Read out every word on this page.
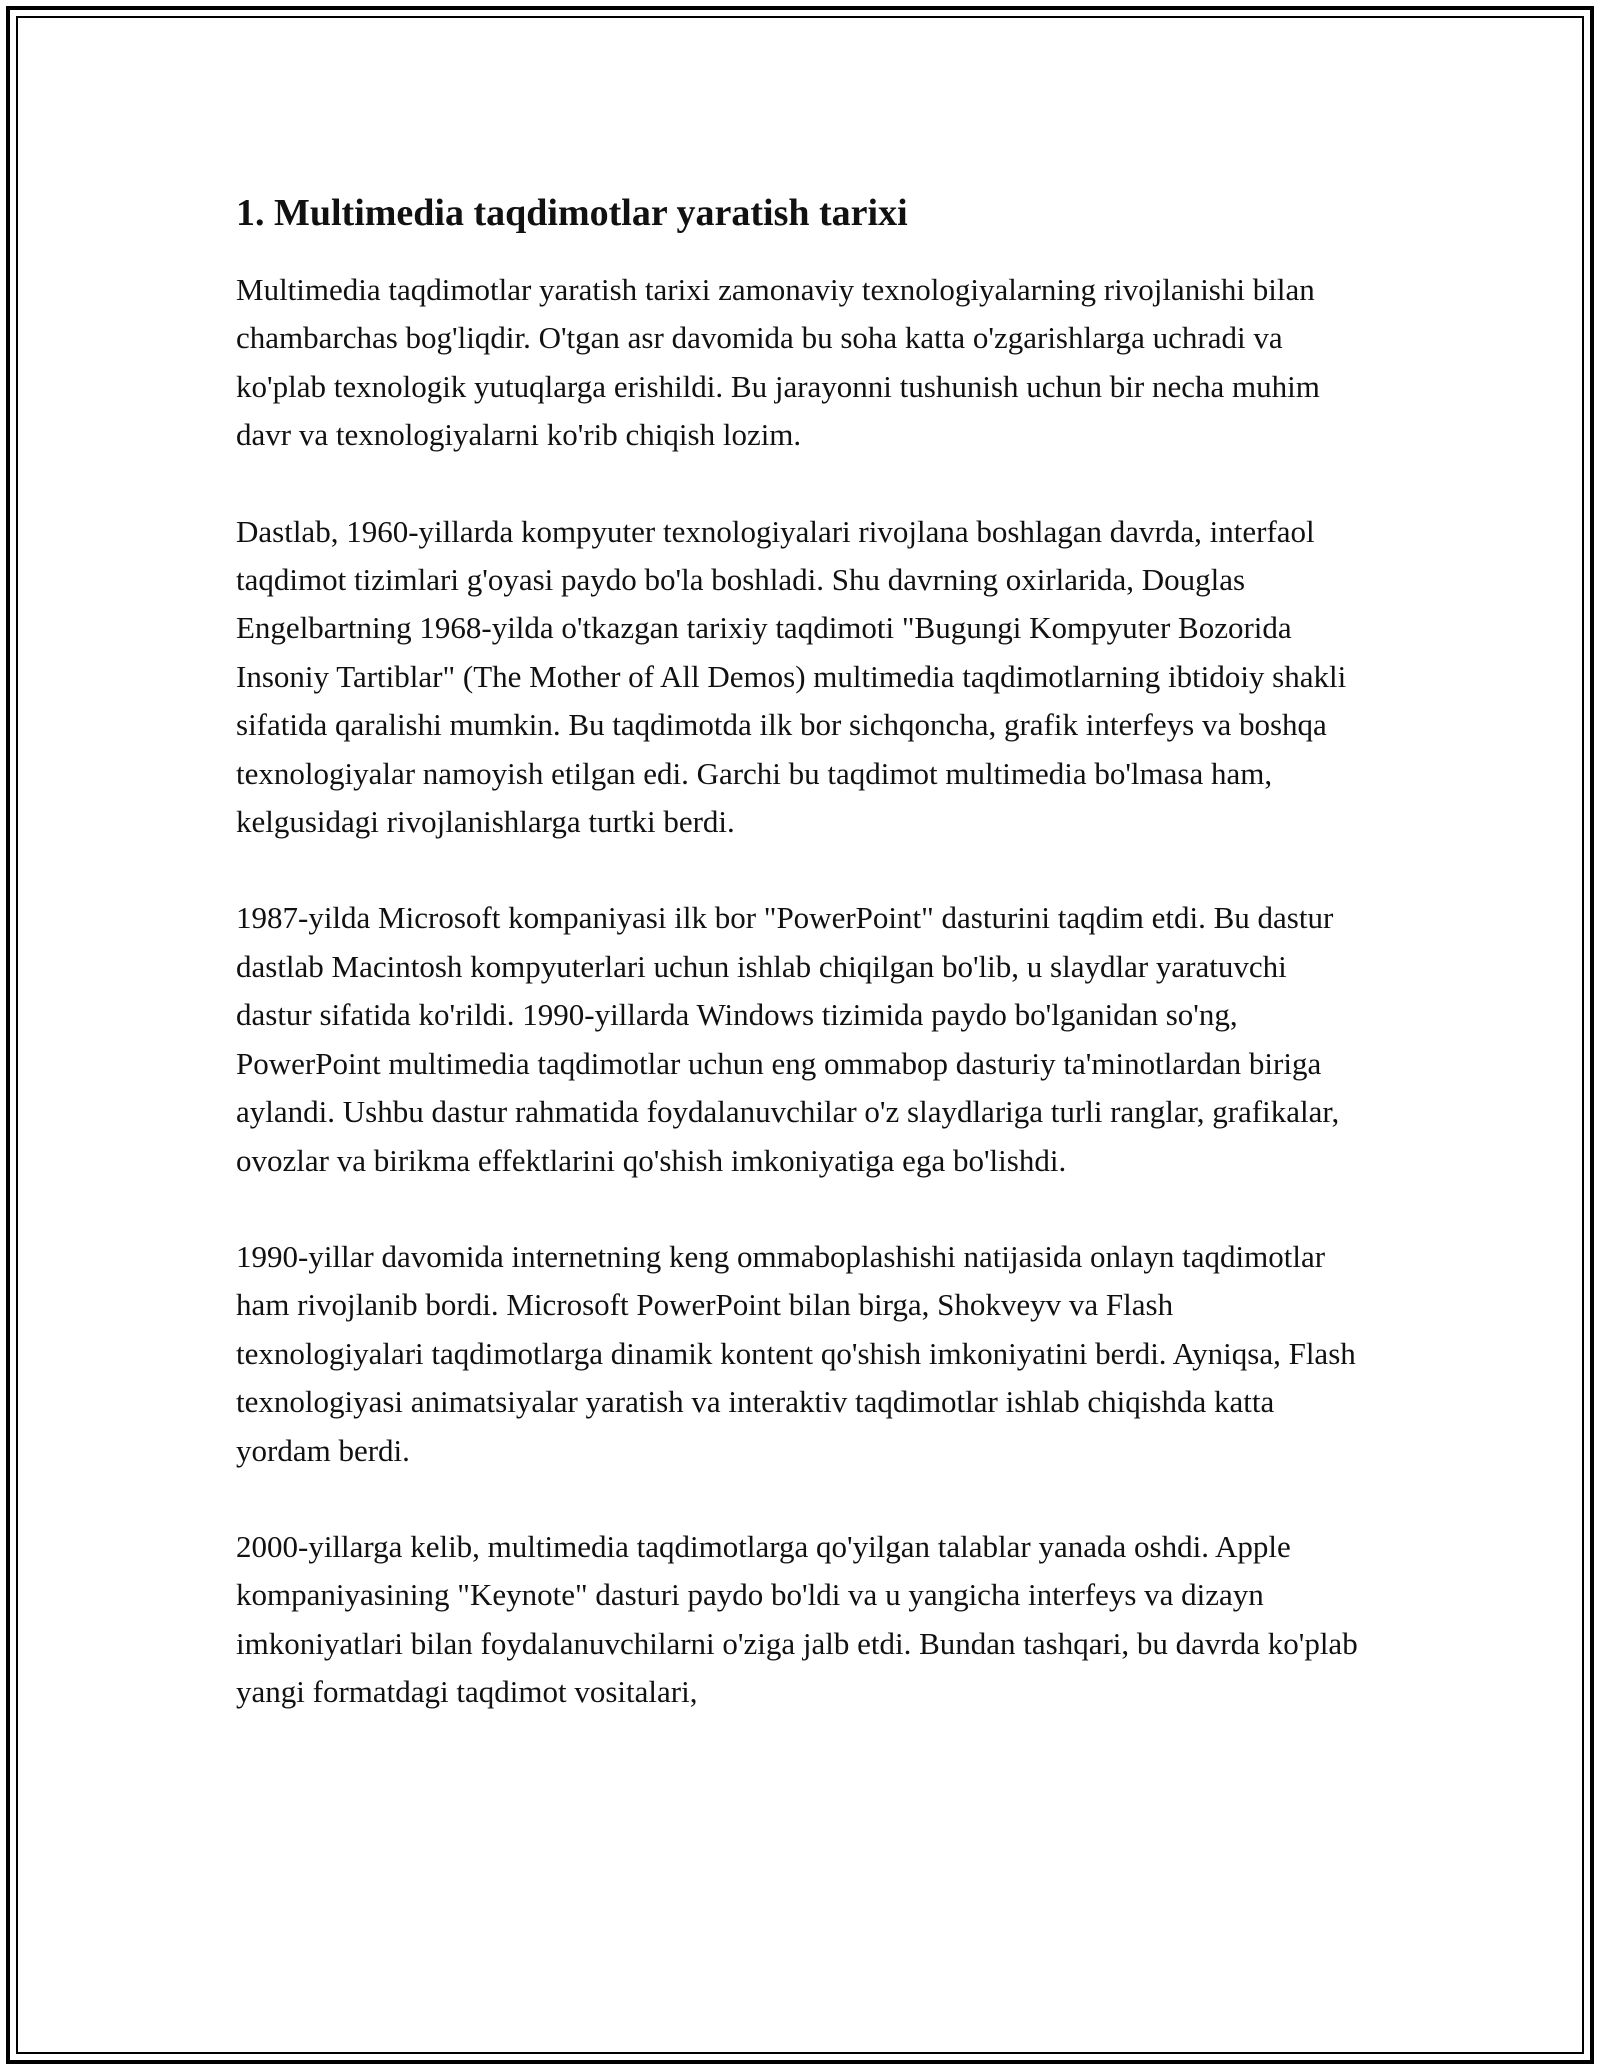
1. Multimedia taqdimotlar yaratish tarixi

Multimedia taqdimotlar yaratish tarixi zamonaviy texnologiyalarning rivojlanishi bilan chambarchas bog'liqdir. O'tgan asr davomida bu soha katta o'zgarishlarga uchradi va ko'plab texnologik yutuqlarga erishildi. Bu jarayonni tushunish uchun bir necha muhim davr va texnologiyalarni ko'rib chiqish lozim.

Dastlab, 1960-yillarda kompyuter texnologiyalari rivojlana boshlagan davrda, interfaol taqdimot tizimlari g'oyasi paydo bo'la boshladi. Shu davrning oxirlarida, Douglas Engelbartning 1968-yilda o'tkazgan tarixiy taqdimoti "Bugungi Kompyuter Bozorida Insoniy Tartiblar" (The Mother of All Demos) multimedia taqdimotlarning ibtidoiy shakli sifatida qaralishi mumkin. Bu taqdimotda ilk bor sichqoncha, grafik interfeys va boshqa texnologiyalar namoyish etilgan edi. Garchi bu taqdimot multimedia bo'lmasa ham, kelgusidagi rivojlanishlarga turtki berdi.

1987-yilda Microsoft kompaniyasi ilk bor "PowerPoint" dasturini taqdim etdi. Bu dastur dastlab Macintosh kompyuterlari uchun ishlab chiqilgan bo'lib, u slaydlar yaratuvchi dastur sifatida ko'rildi. 1990-yillarda Windows tizimida paydo bo'lganidan so'ng, PowerPoint multimedia taqdimotlar uchun eng ommabop dasturiy ta'minotlardan biriga aylandi. Ushbu dastur rahmatida foydalanuvchilar o'z slaydlariga turli ranglar, grafikalar, ovozlar va birikma effektlarini qo'shish imkoniyatiga ega bo'lishdi.

1990-yillar davomida internetning keng ommaboplashishi natijasida onlayn taqdimotlar ham rivojlanib bordi. Microsoft PowerPoint bilan birga, Shokveyv va Flash texnologiyalari taqdimotlarga dinamik kontent qo'shish imkoniyatini berdi. Ayniqsa, Flash texnologiyasi animatsiyalar yaratish va interaktiv taqdimotlar ishlab chiqishda katta yordam berdi.

2000-yillarga kelib, multimedia taqdimotlarga qo'yilgan talablar yanada oshdi. Apple kompaniyasining "Keynote" dasturi paydo bo'ldi va u yangicha interfeys va dizayn imkoniyatlari bilan foydalanuvchilarni o'ziga jalb etdi. Bundan tashqari, bu davrda ko'plab yangi formatdagi taqdimot vositalari,
